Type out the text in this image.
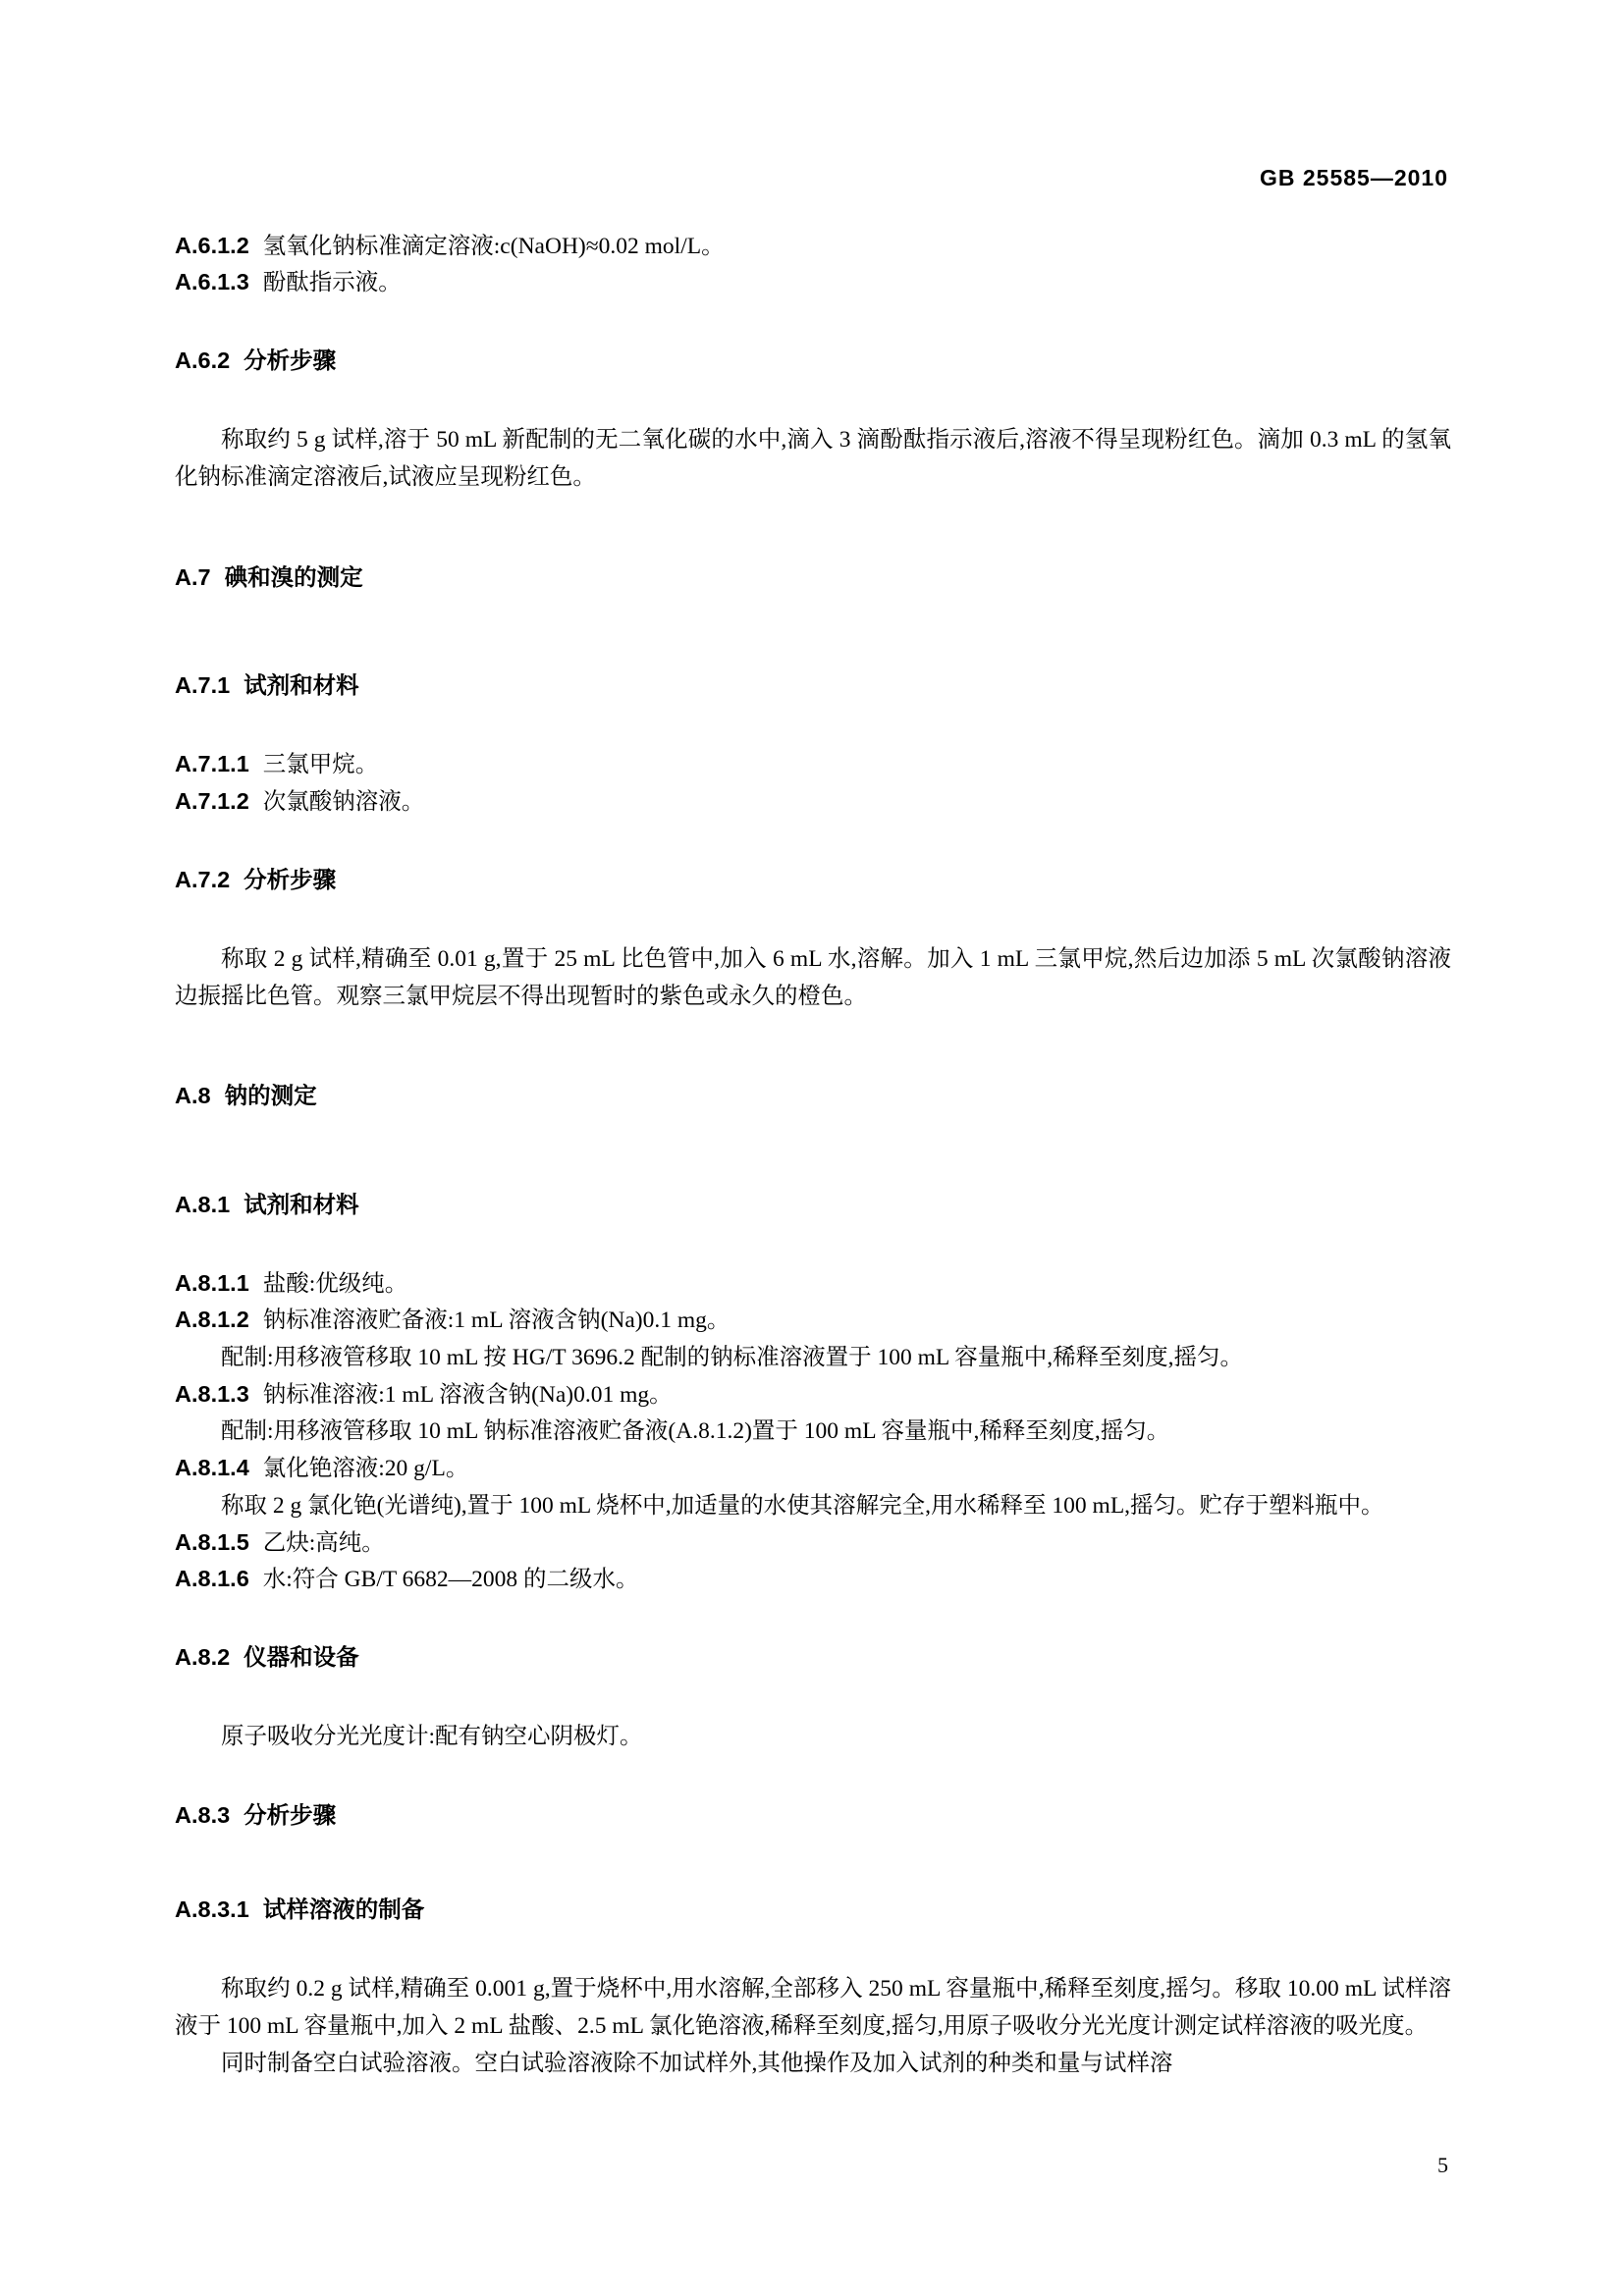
GB 25585—2010

A.6.1.2 氢氧化钠标准滴定溶液:c(NaOH)≈0.02 mol/L。

A.6.1.3 酚酞指示液。

A.6.2 分析步骤

称取约 5 g 试样,溶于 50 mL 新配制的无二氧化碳的水中,滴入 3 滴酚酞指示液后,溶液不得呈现粉红色。滴加 0.3 mL 的氢氧化钠标准滴定溶液后,试液应呈现粉红色。

A.7 碘和溴的测定

A.7.1 试剂和材料

A.7.1.1 三氯甲烷。

A.7.1.2 次氯酸钠溶液。

A.7.2 分析步骤

称取 2 g 试样,精确至 0.01 g,置于 25 mL 比色管中,加入 6 mL 水,溶解。加入 1 mL 三氯甲烷,然后边加添 5 mL 次氯酸钠溶液边振摇比色管。观察三氯甲烷层不得出现暂时的紫色或永久的橙色。

A.8 钠的测定

A.8.1 试剂和材料

A.8.1.1 盐酸:优级纯。

A.8.1.2 钠标准溶液贮备液:1 mL 溶液含钠(Na)0.1 mg。

配制:用移液管移取 10 mL 按 HG/T 3696.2 配制的钠标准溶液置于 100 mL 容量瓶中,稀释至刻度,摇匀。

A.8.1.3 钠标准溶液:1 mL 溶液含钠(Na)0.01 mg。

配制:用移液管移取 10 mL 钠标准溶液贮备液(A.8.1.2)置于 100 mL 容量瓶中,稀释至刻度,摇匀。

A.8.1.4 氯化铯溶液:20 g/L。

称取 2 g 氯化铯(光谱纯),置于 100 mL 烧杯中,加适量的水使其溶解完全,用水稀释至 100 mL,摇匀。贮存于塑料瓶中。

A.8.1.5 乙炔:高纯。

A.8.1.6 水:符合 GB/T 6682—2008 的二级水。

A.8.2 仪器和设备

原子吸收分光光度计:配有钠空心阴极灯。

A.8.3 分析步骤

A.8.3.1 试样溶液的制备

称取约 0.2 g 试样,精确至 0.001 g,置于烧杯中,用水溶解,全部移入 250 mL 容量瓶中,稀释至刻度,摇匀。移取 10.00 mL 试样溶液于 100 mL 容量瓶中,加入 2 mL 盐酸、2.5 mL 氯化铯溶液,稀释至刻度,摇匀,用原子吸收分光光度计测定试样溶液的吸光度。

同时制备空白试验溶液。空白试验溶液除不加试样外,其他操作及加入试剂的种类和量与试样溶

5
